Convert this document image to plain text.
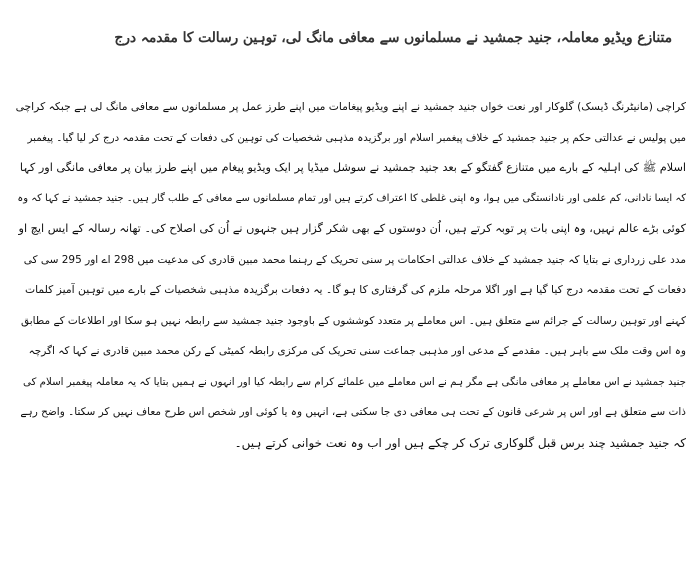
متنازع ویڈیو معاملہ، جنید جمشید نے مسلمانوں سے معافی مانگ لی، توہین رسالت کا مقدمہ درج
کراچی (مانیٹرنگ ڈیسک) گلوکار اور نعت خواں جنید جمشید نے اپنے ویڈیو پیغامات میں اپنے طرز عمل پر مسلمانوں سے معافی مانگ لی ہے جبکہ کراچی
میں پولیس نے عدالتی حکم پر جنید جمشید کے خلاف پیغمبر اسلام اور برگزیدہ مذہبی شخصیات کی توہین کی دفعات کے تحت مقدمہ درج کر لیا گیا۔ پیغمبر
اسلام ﷺ کی اہلیہ کے بارے میں متنازع گفتگو کے بعد جنید جمشید نے سوشل میڈیا پر ایک ویڈیو پیغام میں اپنے طرز بیان پر معافی مانگی اور کہا
کہ ایسا نادانی، کم علمی اور نادانستگی میں ہوا، وہ اپنی غلطی کا اعتراف کرتے ہیں اور تمام مسلمانوں سے معافی کے طلب گار ہیں۔ جنید جمشید نے کہا کہ وہ
کوئی بڑے عالم نہیں، وہ اپنی بات پر توبہ کرتے ہیں، اُن دوستوں کے بھی شکر گزار ہیں جنہوں نے اُن کی اصلاح کی۔ تھانہ رسالہ کے ایس ایچ او
مدد علی زرداری نے بتایا کہ جنید جمشید کے خلاف عدالتی احکامات پر سنی تحریک کے رہنما محمد مبین قادری کی مدعیت میں 298 اے اور 295 سی کی
دفعات کے تحت مقدمہ درج کیا گیا ہے اور اگلا مرحلہ ملزم کی گرفتاری کا ہو گا۔ یہ دفعات برگزیدہ مذہبی شخصیات کے بارے میں توہین آمیز کلمات
کہنے اور توہین رسالت کے جرائم سے متعلق ہیں۔ اس معاملے پر متعدد کوششوں کے باوجود جنید جمشید سے رابطہ نہیں ہو سکا اور اطلاعات کے مطابق
وہ اس وقت ملک سے باہر ہیں۔ مقدمے کے مدعی اور مذہبی جماعت سنی تحریک کی مرکزی رابطہ کمیٹی کے رکن محمد مبین قادری نے کہا کہ اگرچہ
جنید جمشید نے اس معاملے پر معافی مانگی ہے مگر ہم نے اس معاملے میں علمائے کرام سے رابطہ کیا اور انہوں نے ہمیں بتایا کہ یہ معاملہ پیغمبر اسلام کی
ذات سے متعلق ہے اور اس پر شرعی قانون کے تحت ہی معافی دی جا سکتی ہے، انہیں وہ یا کوئی اور شخص اس طرح معاف نہیں کر سکتا۔ واضح رہے
کہ جنید جمشید چند برس قبل گلوکاری ترک کر چکے ہیں اور اب وہ نعت خوانی کرتے ہیں۔
